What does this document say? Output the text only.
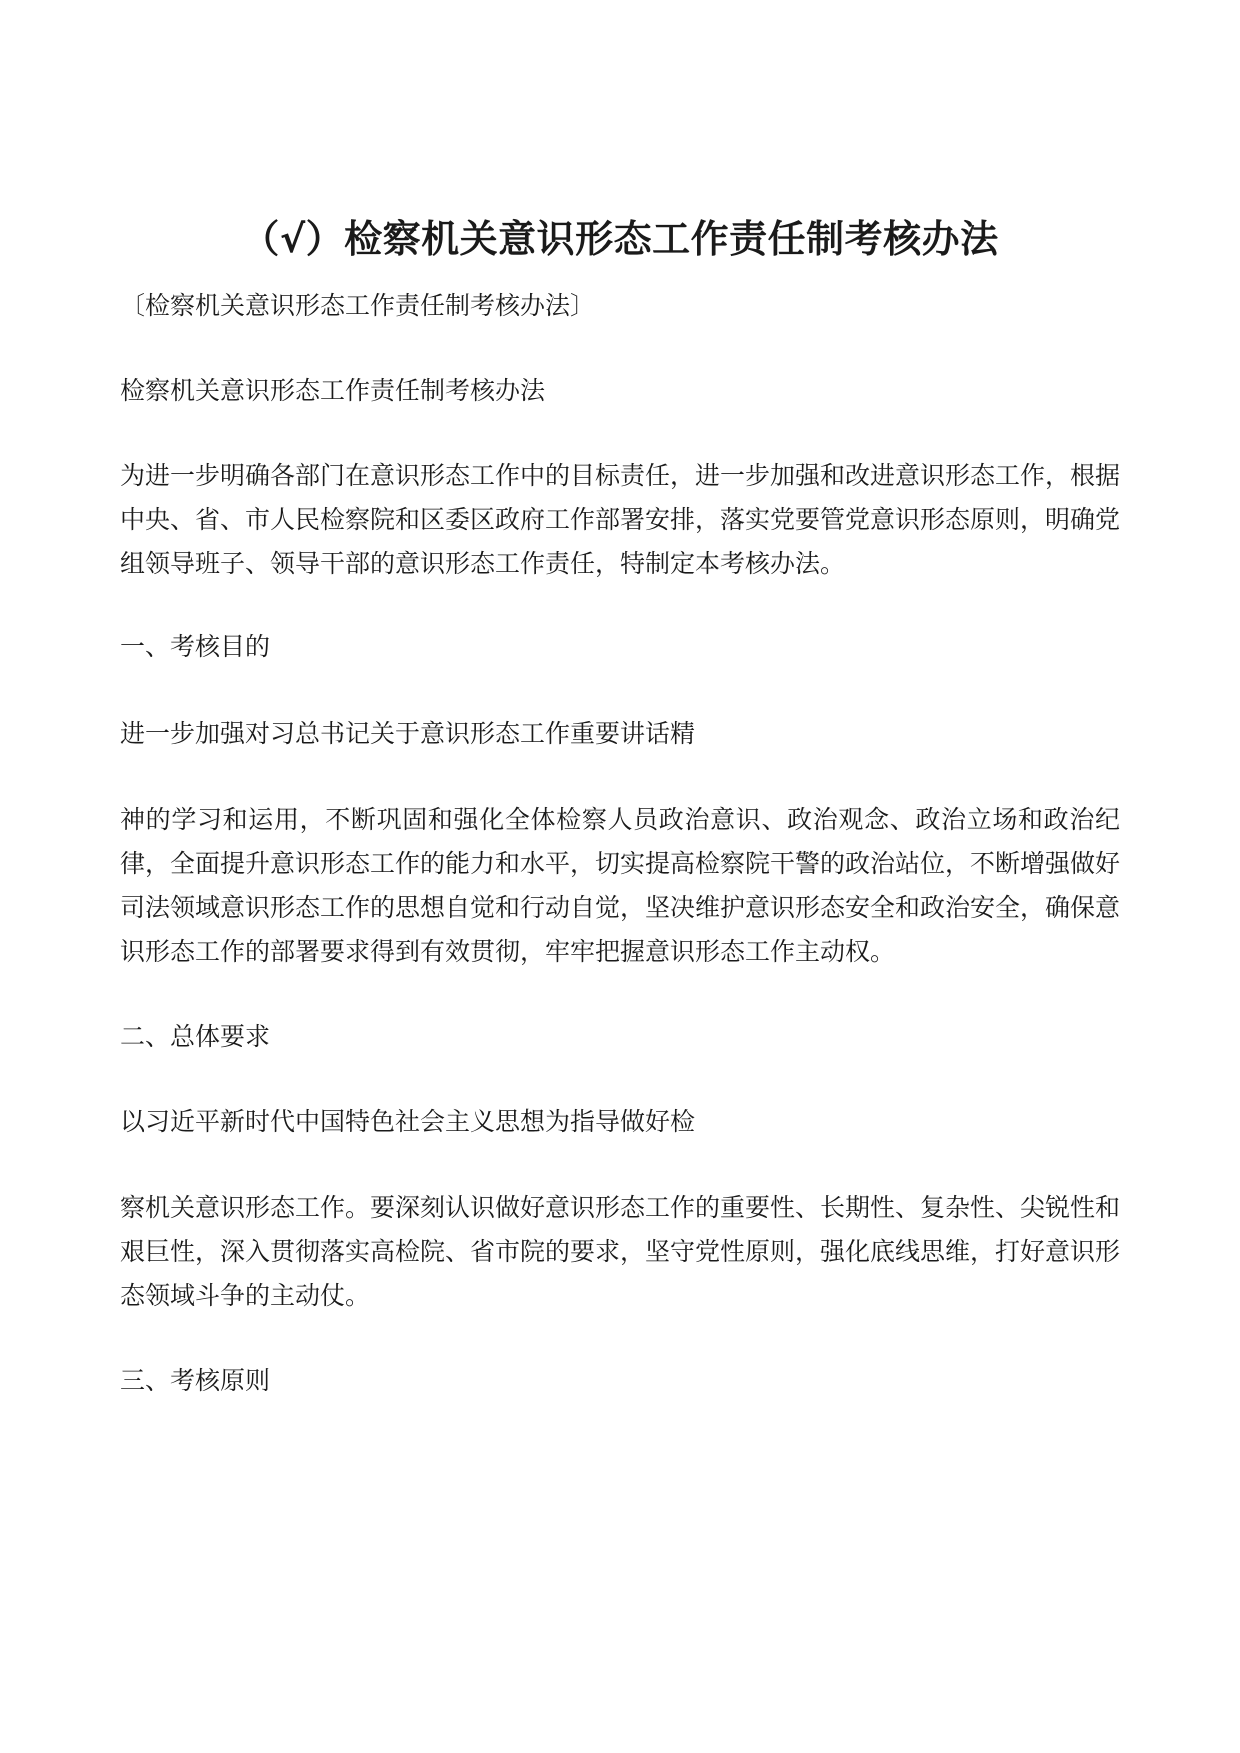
（√）检察机关意识形态工作责任制考核办法

〔检察机关意识形态工作责任制考核办法〕

检察机关意识形态工作责任制考核办法

为进一步明确各部门在意识形态工作中的目标责任，进一步加强和改进意识形态工作，根据中央、省、市人民检察院和区委区政府工作部署安排，落实党要管党意识形态原则，明确党组领导班子、领导干部的意识形态工作责任，特制定本考核办法。

一、考核目的

进一步加强对习总书记关于意识形态工作重要讲话精

神的学习和运用，不断巩固和强化全体检察人员政治意识、政治观念、政治立场和政治纪律，全面提升意识形态工作的能力和水平，切实提高检察院干警的政治站位，不断增强做好司法领域意识形态工作的思想自觉和行动自觉，坚决维护意识形态安全和政治安全，确保意识形态工作的部署要求得到有效贯彻，牢牢把握意识形态工作主动权。

二、总体要求

以习近平新时代中国特色社会主义思想为指导做好检

察机关意识形态工作。要深刻认识做好意识形态工作的重要性、长期性、复杂性、尖锐性和艰巨性，深入贯彻落实高检院、省市院的要求，坚守党性原则，强化底线思维，打好意识形态领域斗争的主动仗。

三、考核原则
